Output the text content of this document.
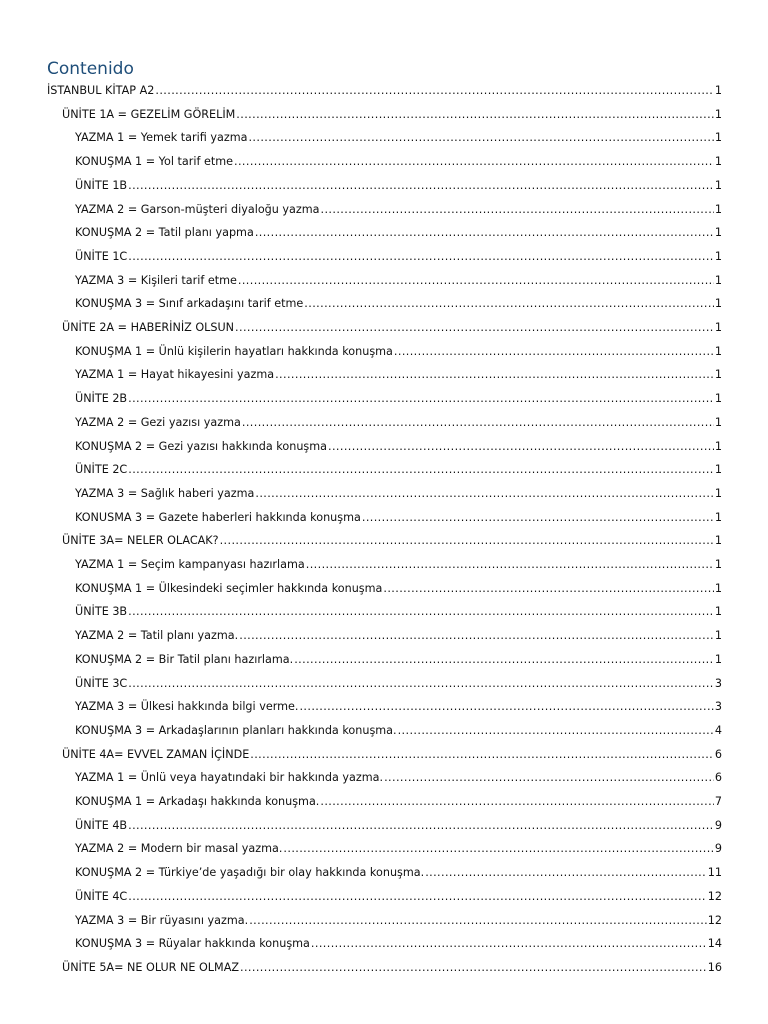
Contenido
İSTANBUL KİTAP A2 .....	1
ÜNİTE 1A = GEZELİM GÖRELİM .....	1
YAZMA 1 = Yemek tarifi yazma .....	1
KONUŞMA 1 = Yol tarif etme .....	1
ÜNİTE 1B .....	1
YAZMA 2 = Garson-müşteri diyaloğu yazma .....	1
KONUŞMA 2 = Tatil planı yapma .....	1
ÜNİTE 1C .....	1
YAZMA 3 = Kişileri tarif etme .....	1
KONUŞMA 3 = Sınıf arkadaşını tarif etme .....	1
ÜNİTE 2A = HABERİNİZ OLSUN .....	1
KONUŞMA 1 = Ünlü kişilerin hayatları hakkında konuşma .....	1
YAZMA 1 = Hayat hikayesini yazma .....	1
ÜNİTE 2B .....	1
YAZMA 2 = Gezi yazısı yazma .....	1
KONUŞMA 2 = Gezi yazısı hakkında konuşma .....	1
ÜNİTE 2C .....	1
YAZMA 3 = Sağlık haberi yazma .....	1
KONUSMA 3 = Gazete haberleri hakkında konuşma .....	1
ÜNİTE 3A= NELER OLACAK? .....	1
YAZMA 1 = Seçim kampanyası hazırlama .....	1
KONUŞMA 1 = Ülkesindeki seçimler hakkında konuşma .....	1
ÜNİTE 3B .....	1
YAZMA 2 = Tatil planı yazma. .....	1
KONUŞMA 2 = Bir Tatil planı hazırlama. .....	1
ÜNİTE 3C .....	3
YAZMA 3 = Ülkesi hakkında bilgi verme. .....	3
KONUŞMA 3 = Arkadaşlarının planları hakkında konuşma. .....	4
ÜNİTE 4A= EVVEL ZAMAN İÇİNDE .....	6
YAZMA 1 = Ünlü veya hayatındaki bir hakkında yazma. .....	6
KONUŞMA 1 = Arkadaşı hakkında konuşma. .....	7
ÜNİTE 4B .....	9
YAZMA 2 = Modern bir masal yazma. .....	9
KONUŞMA 2 = Türkiye’de yaşadığı bir olay hakkında konuşma. .....	11
ÜNİTE 4C .....	12
YAZMA 3 = Bir rüyasını yazma. .....	12
KONUŞMA 3 = Rüyalar hakkında konuşma .....	14
ÜNİTE 5A= NE OLUR NE OLMAZ .....	16
